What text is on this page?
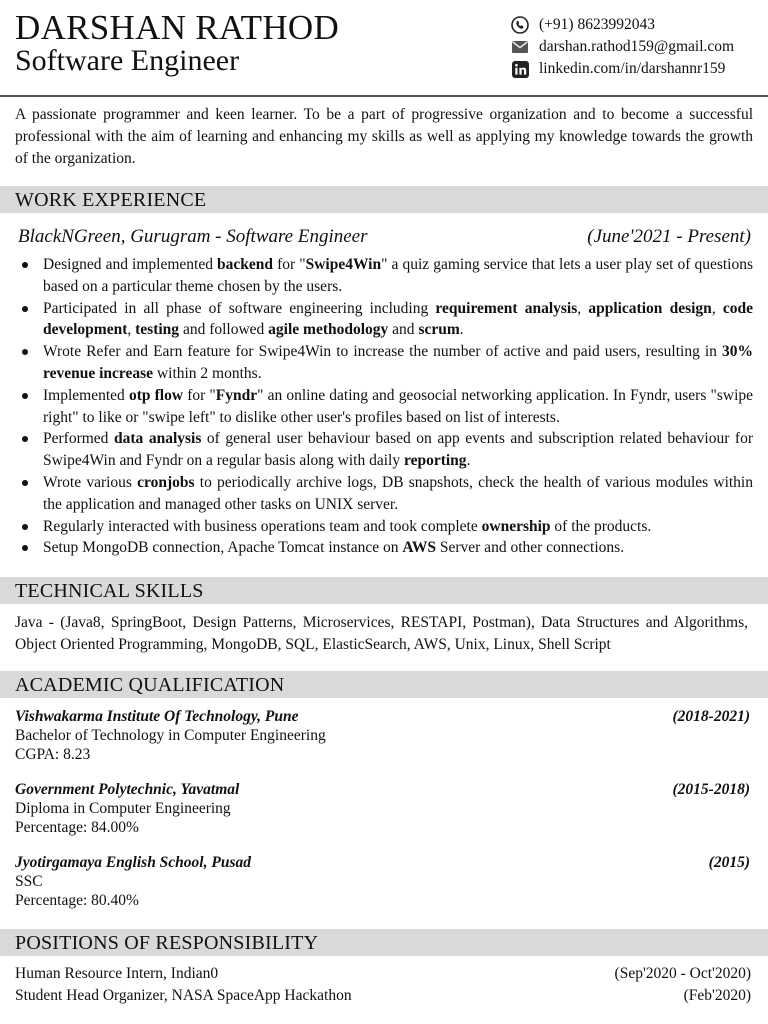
DARSHAN RATHOD
Software Engineer
(+91) 8623992043
darshan.rathod159@gmail.com
linkedin.com/in/darshannr159
A passionate programmer and keen learner. To be a part of progressive organization and to become a successful professional with the aim of learning and enhancing my skills as well as applying my knowledge towards the growth of the organization.
WORK EXPERIENCE
BlackNGreen, Gurugram - Software Engineer	(June'2021 - Present)
Designed and implemented backend for "Swipe4Win" a quiz gaming service that lets a user play set of questions based on a particular theme chosen by the users.
Participated in all phase of software engineering including requirement analysis, application design, code development, testing and followed agile methodology and scrum.
Wrote Refer and Earn feature for Swipe4Win to increase the number of active and paid users, resulting in 30% revenue increase within 2 months.
Implemented otp flow for "Fyndr" an online dating and geosocial networking application. In Fyndr, users "swipe right" to like or "swipe left" to dislike other user's profiles based on list of interests.
Performed data analysis of general user behaviour based on app events and subscription related behaviour for Swipe4Win and Fyndr on a regular basis along with daily reporting.
Wrote various cronjobs to periodically archive logs, DB snapshots, check the health of various modules within the application and managed other tasks on UNIX server.
Regularly interacted with business operations team and took complete ownership of the products.
Setup MongoDB connection, Apache Tomcat instance on AWS Server and other connections.
TECHNICAL SKILLS
Java - (Java8, SpringBoot, Design Patterns, Microservices, RESTAPI, Postman), Data Structures and Algorithms, Object Oriented Programming, MongoDB, SQL, ElasticSearch, AWS, Unix, Linux, Shell Script
ACADEMIC QUALIFICATION
Vishwakarma Institute Of Technology, Pune	(2018-2021)
Bachelor of Technology in Computer Engineering
CGPA: 8.23
Government Polytechnic, Yavatmal	(2015-2018)
Diploma in Computer Engineering
Percentage: 84.00%
Jyotirgamaya English School, Pusad	(2015)
SSC
Percentage: 80.40%
POSITIONS OF RESPONSIBILITY
Human Resource Intern, Indian0	(Sep'2020 - Oct'2020)
Student Head Organizer, NASA SpaceApp Hackathon	(Feb'2020)
